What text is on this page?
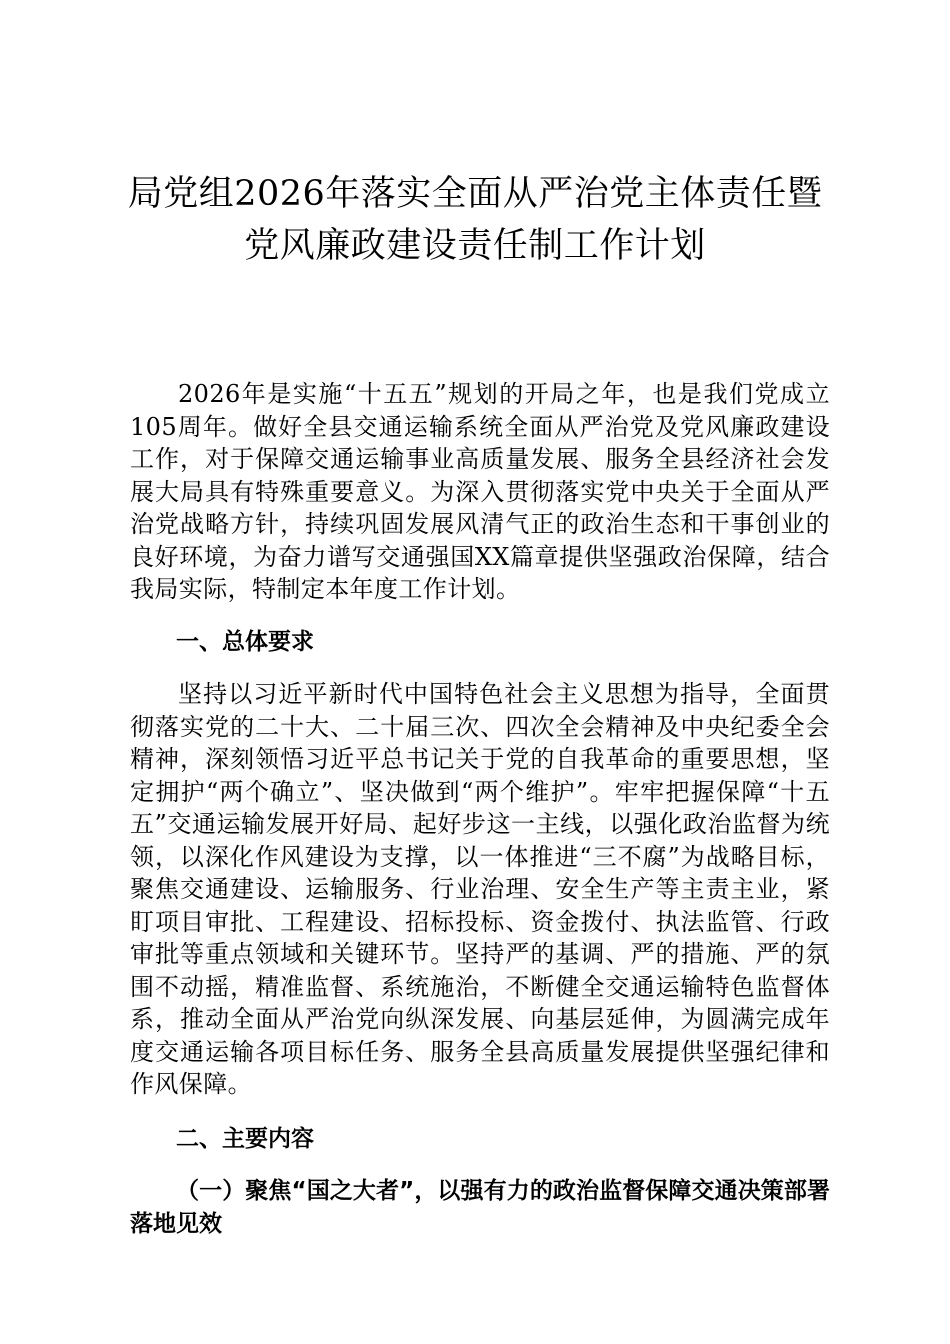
局党组2026年落实全面从严治党主体责任暨
党风廉政建设责任制工作计划

2026年是实施“十五五”规划的开局之年，也是我们党成立105周年。做好全县交通运输系统全面从严治党及党风廉政建设工作，对于保障交通运输事业高质量发展、服务全县经济社会发展大局具有特殊重要意义。为深入贯彻落实党中央关于全面从严治党战略方针，持续巩固发展风清气正的政治生态和干事创业的良好环境，为奋力谱写交通强国XX篇章提供坚强政治保障，结合我局实际，特制定本年度工作计划。

一、总体要求

坚持以习近平新时代中国特色社会主义思想为指导，全面贯彻落实党的二十大、二十届三次、四次全会精神及中央纪委全会精神，深刻领悟习近平总书记关于党的自我革命的重要思想，坚定拥护“两个确立”、坚决做到“两个维护”。牢牢把握保障“十五五”交通运输发展开好局、起好步这一主线，以强化政治监督为统领，以深化作风建设为支撑，以一体推进“三不腐”为战略目标，聚焦交通建设、运输服务、行业治理、安全生产等主责主业，紧盯项目审批、工程建设、招标投标、资金拨付、执法监管、行政审批等重点领域和关键环节。坚持严的基调、严的措施、严的氛围不动摇，精准监督、系统施治，不断健全交通运输特色监督体系，推动全面从严治党向纵深发展、向基层延伸，为圆满完成年度交通运输各项目标任务、服务全县高质量发展提供坚强纪律和作风保障。

二、主要内容

（一）聚焦“国之大者”，以强有力的政治监督保障交通决策部署落地见效
